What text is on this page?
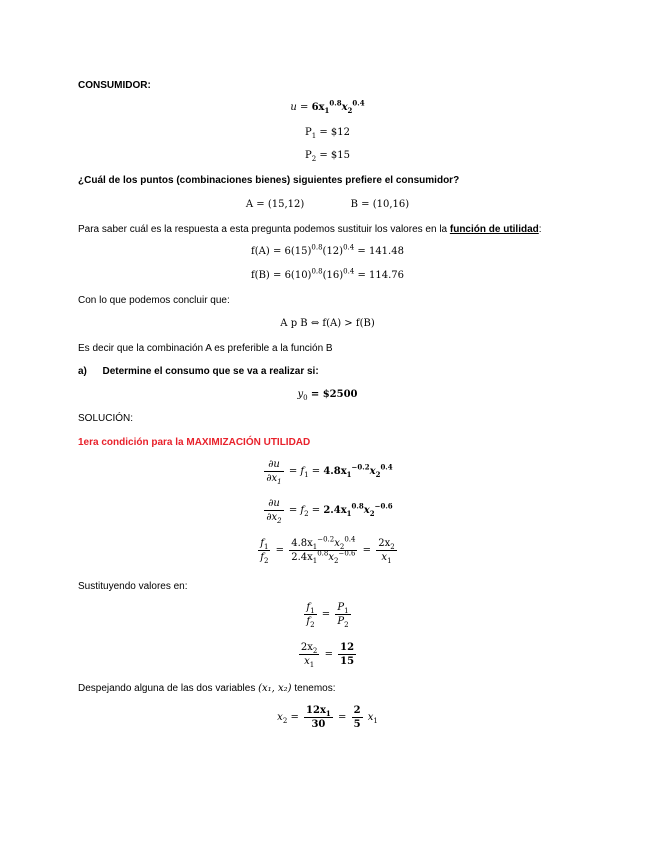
CONSUMIDOR:
$u = 6x_1^{0.8}x_2^{0.4}$
$P_1$ = $12
$P_2$ = $15
¿Cuál de los puntos (combinaciones bienes) siguientes prefiere el consumidor?
A = (15,12)	B = (10,16)
Para saber cuál es la respuesta a esta pregunta podemos sustituir los valores en la función de utilidad:
$f(A) = 6(15)^{0.8}(12)^{0.4} = 141.48$
$f(B) = 6(10)^{0.8}(16)^{0.4} = 114.76$
Con lo que podemos concluir que:
A p B ⇔ f(A) > f(B)
Es decir que la combinación A es preferible a la función B
a) Determine el consumo que se va a realizar si:
$y_0$ = $2500
SOLUCIÓN:
1era condición para la MAXIMIZACIÓN UTILIDAD
$\frac{\partial u}{\partial x_1} = f_1 = 4.8x_1^{-0.2}x_2^{0.4}$
$\frac{\partial u}{\partial x_2} = f_2 = 2.4x_1^{0.8}x_2^{-0.6}$
$\frac{f_1}{f_2} = \frac{4.8x_1^{-0.2}x_2^{0.4}}{2.4x_1^{0.8}x_2^{-0.6}} = \frac{2x_2}{x_1}$
Sustituyendo valores en:
$\frac{f_1}{f_2} = \frac{P_1}{P_2}$
$\frac{2x_2}{x_1} = \frac{12}{15}$
Despejando alguna de las dos variables (x₁, x₂) tenemos:
$x_2 = \frac{12x_1}{30} = \frac{2}{5} x_1$
